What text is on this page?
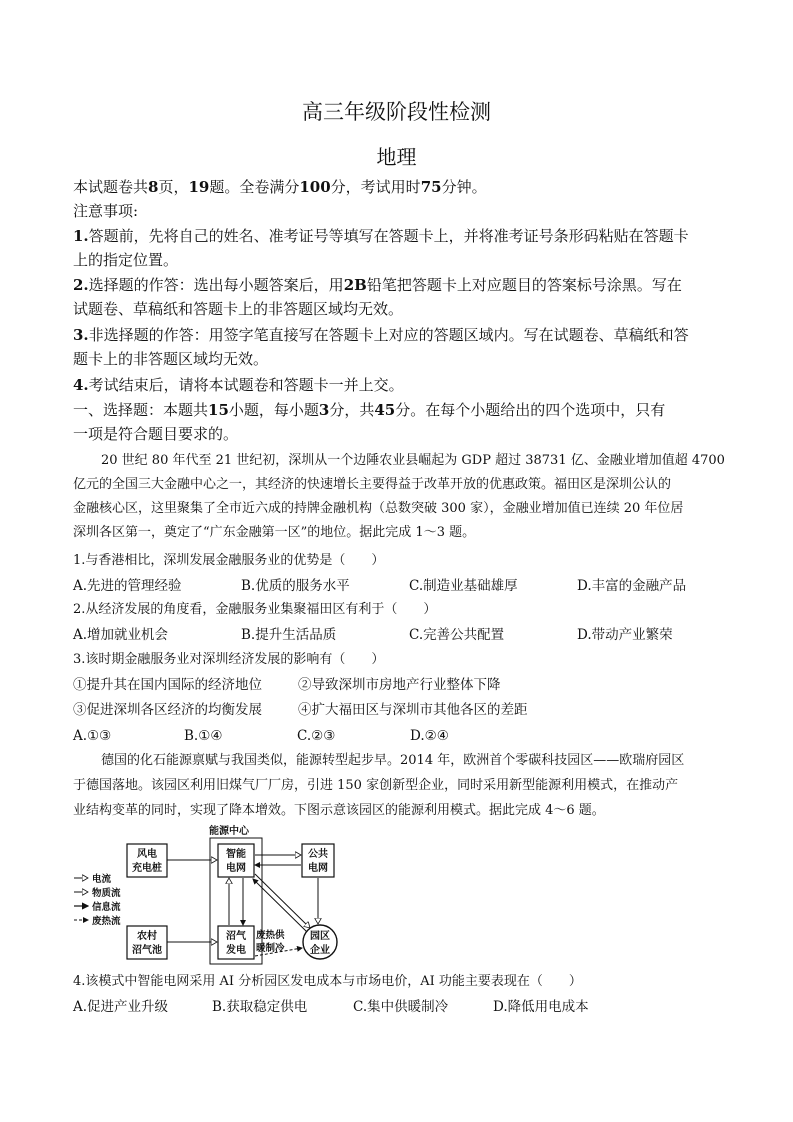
高三年级阶段性检测
地理
本试题卷共8页，19题。全卷满分100分，考试用时75分钟。
注意事项:
1.答题前，先将自己的姓名、准考证号等填写在答题卡上，并将准考证号条形码粘贴在答题卡
上的指定位置。
2.选择题的作答：选出每小题答案后，用2B铅笔把答题卡上对应题目的答案标号涂黑。写在
试题卷、草稿纸和答题卡上的非答题区域均无效。
3.非选择题的作答：用签字笔直接写在答题卡上对应的答题区域内。写在试题卷、草稿纸和答
题卡上的非答题区域均无效。
4.考试结束后，请将本试题卷和答题卡一并上交。
一、选择题：本题共15小题，每小题3分，共45分。在每个小题给出的四个选项中，只有
一项是符合题目要求的。
20 世纪 80 年代至 21 世纪初，深圳从一个边陲农业县崛起为 GDP 超过 38731 亿、金融业增加值超 4700
亿元的全国三大金融中心之一，其经济的快速增长主要得益于改革开放的优惠政策。福田区是深圳公认的
金融核心区，这里聚集了全市近六成的持牌金融机构（总数突破 300 家），金融业增加值已连续 20 年位居
深圳各区第一，奠定了“广东金融第一区”的地位。据此完成 1～3 题。
1.与香港相比，深圳发展金融服务业的优势是（　　）
A.先进的管理经验	B.优质的服务水平	C.制造业基础雄厚	D.丰富的金融产品
2.从经济发展的角度看，金融服务业集聚福田区有利于（　　）
A.增加就业机会	B.提升生活品质	C.完善公共配置	D.带动产业繁荣
3.该时期金融服务业对深圳经济发展的影响有（　　）
①提升其在国内国际的经济地位	②导致深圳市房地产行业整体下降
③促进深圳各区经济的均衡发展	④扩大福田区与深圳市其他各区的差距
A.①③	B.①④	C.②③	D.②④
德国的化石能源禀赋与我国类似，能源转型起步早。2014 年，欧洲首个零碳科技园区——欧瑞府园区
于德国落地。该园区利用旧煤气厂厂房，引进 150 家创新型企业，同时采用新型能源利用模式，在推动产
业结构变革的同时，实现了降本增效。下图示意该园区的能源利用模式。据此完成 4～6 题。
能源中心
风电
充电桩
智能
电网
公共
电网
农村
沼气池
沼气
发电
废热供
暖制冷
园区
企业
电流
物质流
信息流
废热流
4.该模式中智能电网采用 AI 分析园区发电成本与市场电价，AI 功能主要表现在（　　）
A.促进产业升级	B.获取稳定供电	C.集中供暖制冷	D.降低用电成本
